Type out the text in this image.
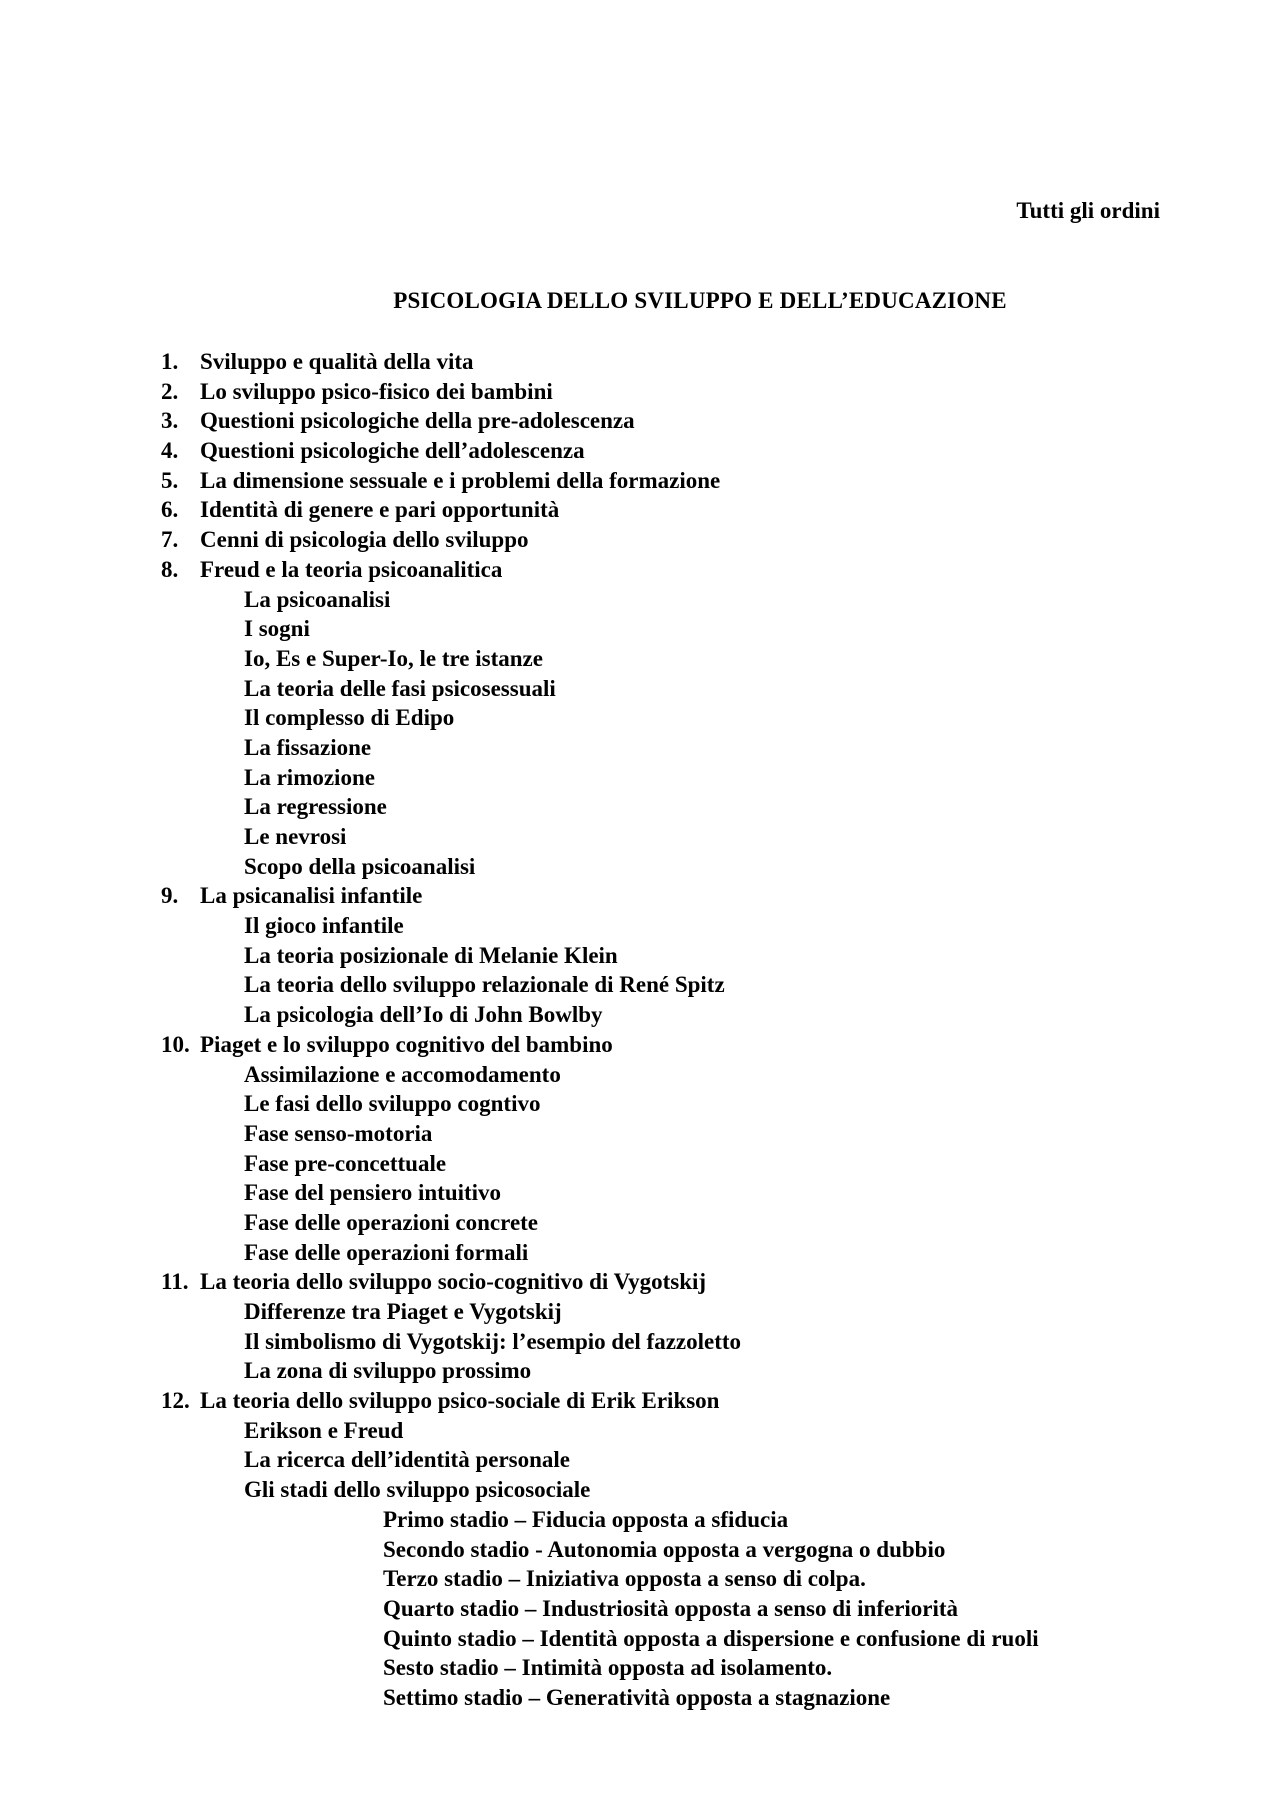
Tutti gli ordini
PSICOLOGIA DELLO SVILUPPO E DELL’EDUCAZIONE
1. Sviluppo e qualità della vita
2. Lo sviluppo psico-fisico dei bambini
3. Questioni psicologiche della pre-adolescenza
4. Questioni psicologiche dell’adolescenza
5. La dimensione sessuale e i problemi della formazione
6. Identità di genere e pari opportunità
7. Cenni di psicologia dello sviluppo
8. Freud e la teoria psicoanalitica
La psicoanalisi
I sogni
Io, Es e Super-Io, le tre istanze
La teoria delle fasi psicosessuali
Il complesso di Edipo
La fissazione
La rimozione
La regressione
Le nevrosi
Scopo della psicoanalisi
9. La psicanalisi infantile
Il gioco infantile
La teoria posizionale di Melanie Klein
La teoria dello sviluppo relazionale di René Spitz
La psicologia dell’Io di John Bowlby
10. Piaget e lo sviluppo cognitivo del bambino
Assimilazione e accomodamento
Le fasi dello sviluppo cogntivo
Fase senso-motoria
Fase pre-concettuale
Fase del pensiero intuitivo
Fase delle operazioni concrete
Fase delle operazioni formali
11. La teoria dello sviluppo socio-cognitivo di Vygotskij
Differenze tra Piaget e Vygotskij
Il simbolismo di Vygotskij: l’esempio del fazzoletto
La zona di sviluppo prossimo
12. La teoria dello sviluppo psico-sociale di Erik Erikson
Erikson e Freud
La ricerca dell’identità personale
Gli stadi dello sviluppo psicosociale
Primo stadio – Fiducia opposta a sfiducia
Secondo stadio - Autonomia opposta a vergogna o dubbio
Terzo stadio – Iniziativa opposta a senso di colpa.
Quarto stadio – Industriosità opposta a senso di inferiorità
Quinto stadio – Identità opposta a dispersione e confusione di ruoli
Sesto stadio – Intimità opposta ad isolamento.
Settimo stadio – Generatività opposta a stagnazione
